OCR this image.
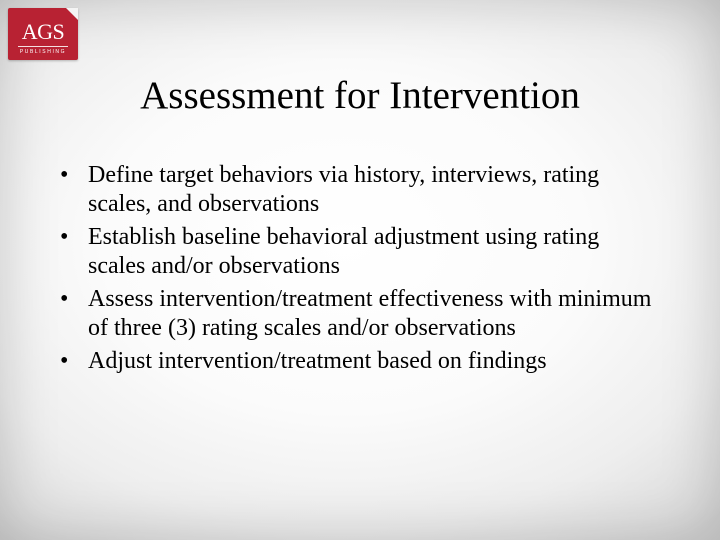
AGS
PUBLISHING
Assessment for Intervention
• Define target behaviors via history, interviews, rating scales, and observations
• Establish baseline behavioral adjustment using rating scales and/or observations
• Assess intervention/treatment effectiveness with minimum of three (3) rating scales and/or observations
• Adjust intervention/treatment based on findings
